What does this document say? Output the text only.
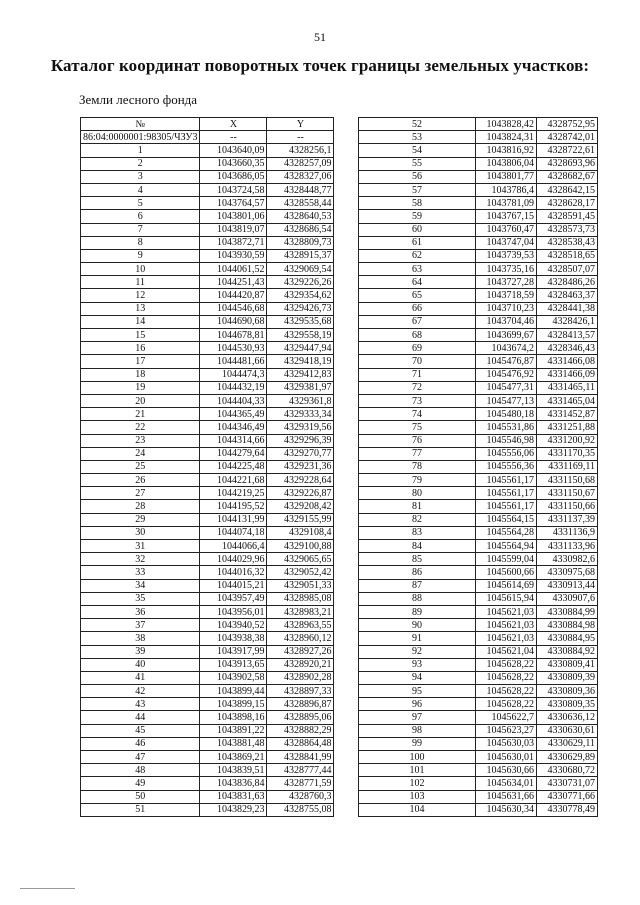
51
Каталог координат поворотных точек границы земельных участков:
Земли лесного фонда
№	X	Y
86:04:0000001:98305/ЧЗУ3	--	--
1	1043640,09	4328256,1
2	1043660,35	4328257,09
3	1043686,05	4328327,06
4	1043724,58	4328448,77
5	1043764,57	4328558,44
6	1043801,06	4328640,53
7	1043819,07	4328686,54
8	1043872,71	4328809,73
9	1043930,59	4328915,37
10	1044061,52	4329069,54
11	1044251,43	4329226,26
12	1044420,87	4329354,62
13	1044546,68	4329426,73
14	1044690,68	4329535,68
15	1044678,81	4329558,19
16	1044530,93	4329447,94
17	1044481,66	4329418,19
18	1044474,3	4329412,83
19	1044432,19	4329381,97
20	1044404,33	4329361,8
21	1044365,49	4329333,34
22	1044346,49	4329319,56
23	1044314,66	4329296,39
24	1044279,64	4329270,77
25	1044225,48	4329231,36
26	1044221,68	4329228,64
27	1044219,25	4329226,87
28	1044195,52	4329208,42
29	1044131,99	4329155,99
30	1044074,18	4329108,4
31	1044066,4	4329100,88
32	1044029,96	4329065,65
33	1044016,32	4329052,42
34	1044015,21	4329051,33
35	1043957,49	4328985,08
36	1043956,01	4328983,21
37	1043940,52	4328963,55
38	1043938,38	4328960,12
39	1043917,99	4328927,26
40	1043913,65	4328920,21
41	1043902,58	4328902,28
42	1043899,44	4328897,33
43	1043899,15	4328896,87
44	1043898,16	4328895,06
45	1043891,22	4328882,29
46	1043881,48	4328864,48
47	1043869,21	4328841,99
48	1043839,51	4328777,44
49	1043836,84	4328771,59
50	1043831,63	4328760,3
51	1043829,23	4328755,08
52	1043828,42	4328752,95
53	1043824,31	4328742,01
54	1043816,92	4328722,61
55	1043806,04	4328693,96
56	1043801,77	4328682,67
57	1043786,4	4328642,15
58	1043781,09	4328628,17
59	1043767,15	4328591,45
60	1043760,47	4328573,73
61	1043747,04	4328538,43
62	1043739,53	4328518,65
63	1043735,16	4328507,07
64	1043727,28	4328486,26
65	1043718,59	4328463,37
66	1043710,23	4328441,38
67	1043704,46	4328426,1
68	1043699,67	4328413,57
69	1043674,2	4328346,43
70	1045476,87	4331466,08
71	1045476,92	4331466,09
72	1045477,31	4331465,11
73	1045477,13	4331465,04
74	1045480,18	4331452,87
75	1045531,86	4331251,88
76	1045546,98	4331200,92
77	1045556,06	4331170,35
78	1045556,36	4331169,11
79	1045561,17	4331150,68
80	1045561,17	4331150,67
81	1045561,17	4331150,66
82	1045564,15	4331137,39
83	1045564,28	4331136,9
84	1045564,94	4331133,96
85	1045599,04	4330982,6
86	1045600,66	4330975,68
87	1045614,69	4330913,44
88	1045615,94	4330907,6
89	1045621,03	4330884,99
90	1045621,03	4330884,98
91	1045621,03	4330884,95
92	1045621,04	4330884,92
93	1045628,22	4330809,41
94	1045628,22	4330809,39
95	1045628,22	4330809,36
96	1045628,22	4330809,35
97	1045622,7	4330636,12
98	1045623,27	4330630,61
99	1045630,03	4330629,11
100	1045630,01	4330629,89
101	1045630,66	4330680,72
102	1045634,01	4330731,07
103	1045631,66	4330771,66
104	1045630,34	4330778,49
